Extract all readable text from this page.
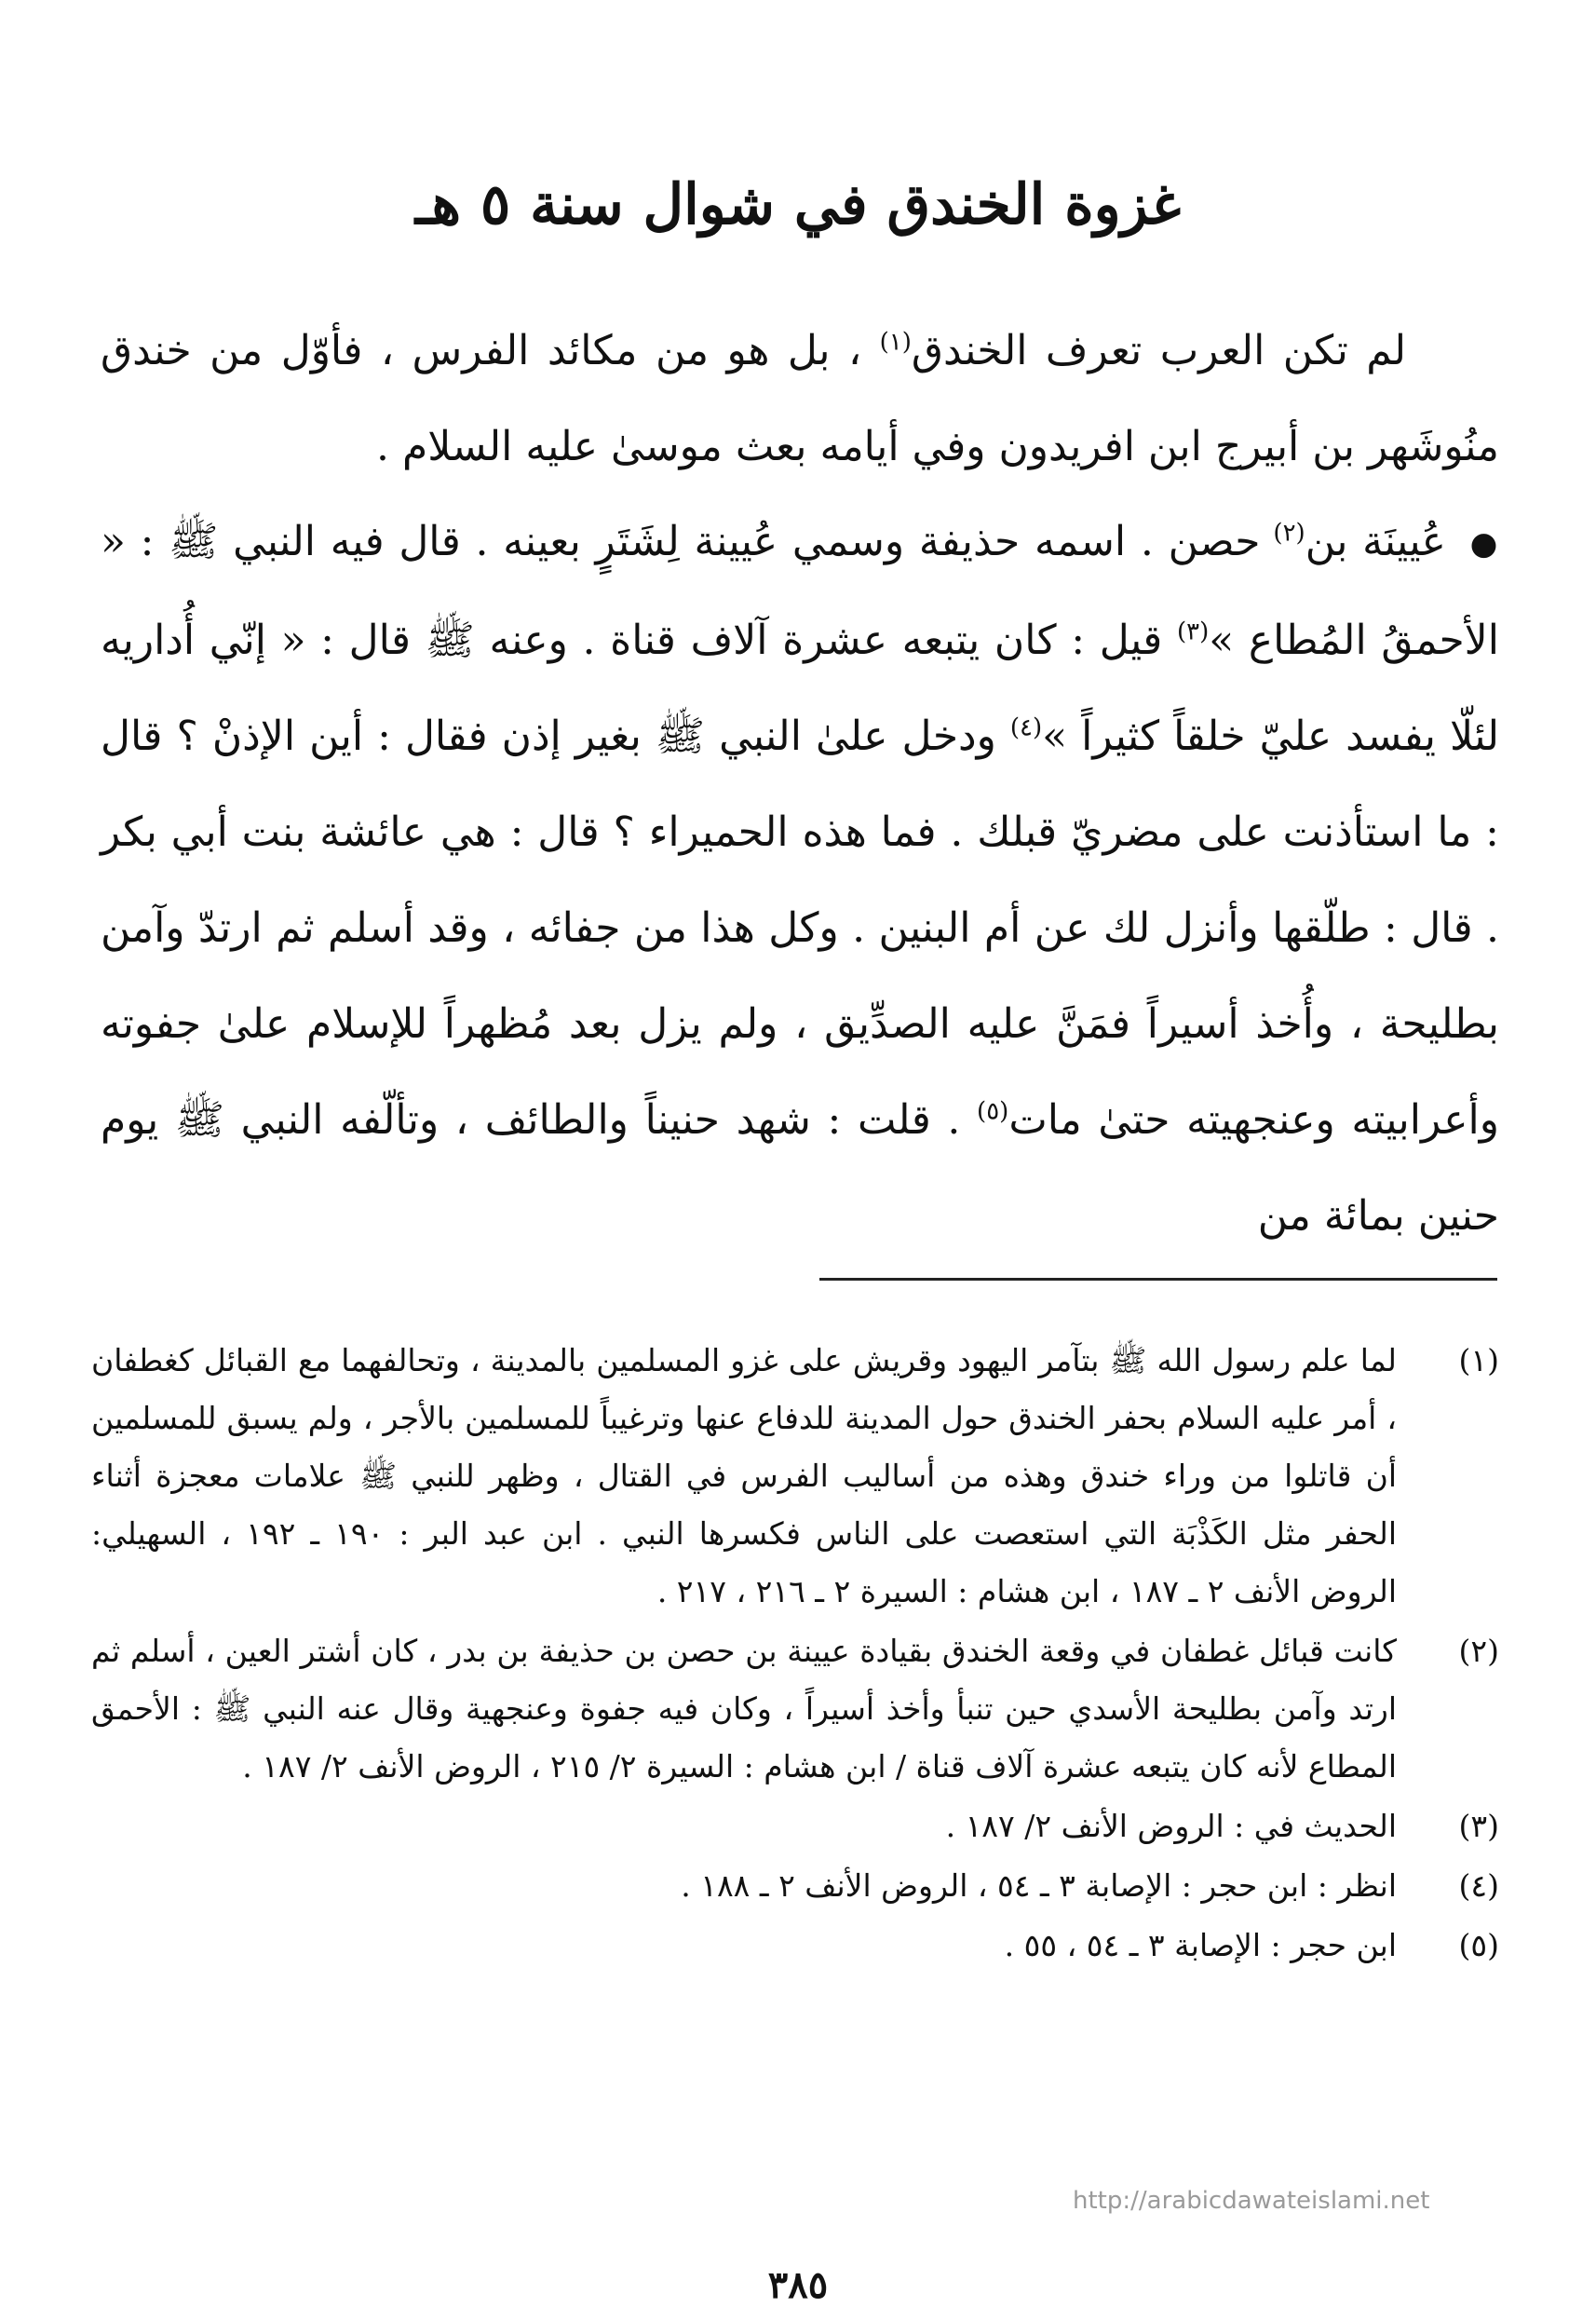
غزوة الخندق في شوال سنة ٥ هـ

لم تكن العرب تعرف الخندق$^{(١)}$ ، بل هو من مكائد الفرس ، فأوّل من خندق منُوشَهر بن أبيرج ابن افريدون وفي أيامه بعث موسىٰ عليه السلام .

● عُيينَة بن$^{(٢)}$ حصن . اسمه حذيفة وسمي عُيينة لِشَتَرٍ بعينه . قال فيه النبي ﷺ : « الأحمقُ المُطاع »$^{(٣)}$ قيل : كان يتبعه عشرة آلاف قناة . وعنه ﷺ قال : « إنّي أُداريه لئلّا يفسد عليّ خلقاً كثيراً »$^{(٤)}$ ودخل علىٰ النبي ﷺ بغير إذن فقال : أين الإذنْ ؟ قال : ما استأذنت على مضريّ قبلك . فما هذه الحميراء ؟ قال : هي عائشة بنت أبي بكر . قال : طلّقها وأنزل لك عن أم البنين . وكل هذا من جفائه ، وقد أسلم ثم ارتدّ وآمن بطليحة ، وأُخذ أسيراً فمَنَّ عليه الصدِّيق ، ولم يزل بعد مُظهراً للإسلام علىٰ جفوته وأعرابيته وعنجهيته حتىٰ مات$^{(٥)}$ . قلت : شهد حنيناً والطائف ، وتألّفه النبي ﷺ يوم حنين بمائة من

(١)
لما علم رسول الله ﷺ بتآمر اليهود وقريش على غزو المسلمين بالمدينة ، وتحالفهما مع القبائل كغطفان ، أمر عليه السلام بحفر الخندق حول المدينة للدفاع عنها وترغيباً للمسلمين بالأجر ، ولم يسبق للمسلمين أن قاتلوا من وراء خندق وهذه من أساليب الفرس في القتال ، وظهر للنبي ﷺ علامات معجزة أثناء الحفر مثل الكَذْبَة التي استعصت على الناس فكسرها النبي . ابن عبد البر : ١٩٠ ـ ١٩٢ ، السهيلي: الروض الأنف ٢ ـ ١٨٧ ، ابن هشام : السيرة ٢ ـ ٢١٦ ، ٢١٧ .
(٢)
كانت قبائل غطفان في وقعة الخندق بقيادة عيينة بن حصن بن حذيفة بن بدر ، كان أشتر العين ، أسلم ثم ارتد وآمن بطليحة الأسدي حين تنبأ وأخذ أسيراً ، وكان فيه جفوة وعنجهية وقال عنه النبي ﷺ : الأحمق المطاع لأنه كان يتبعه عشرة آلاف قناة / ابن هشام : السيرة ٢/ ٢١٥ ، الروض الأنف ٢/ ١٨٧ .
(٣)
الحديث في : الروض الأنف ٢/ ١٨٧ .
(٤)
انظر : ابن حجر : الإصابة ٣ ـ ٥٤ ، الروض الأنف ٢ ـ ١٨٨ .
(٥)
ابن حجر : الإصابة ٣ ـ ٥٤ ، ٥٥ .
http://arabicdawateislami.net
٣٨٥
